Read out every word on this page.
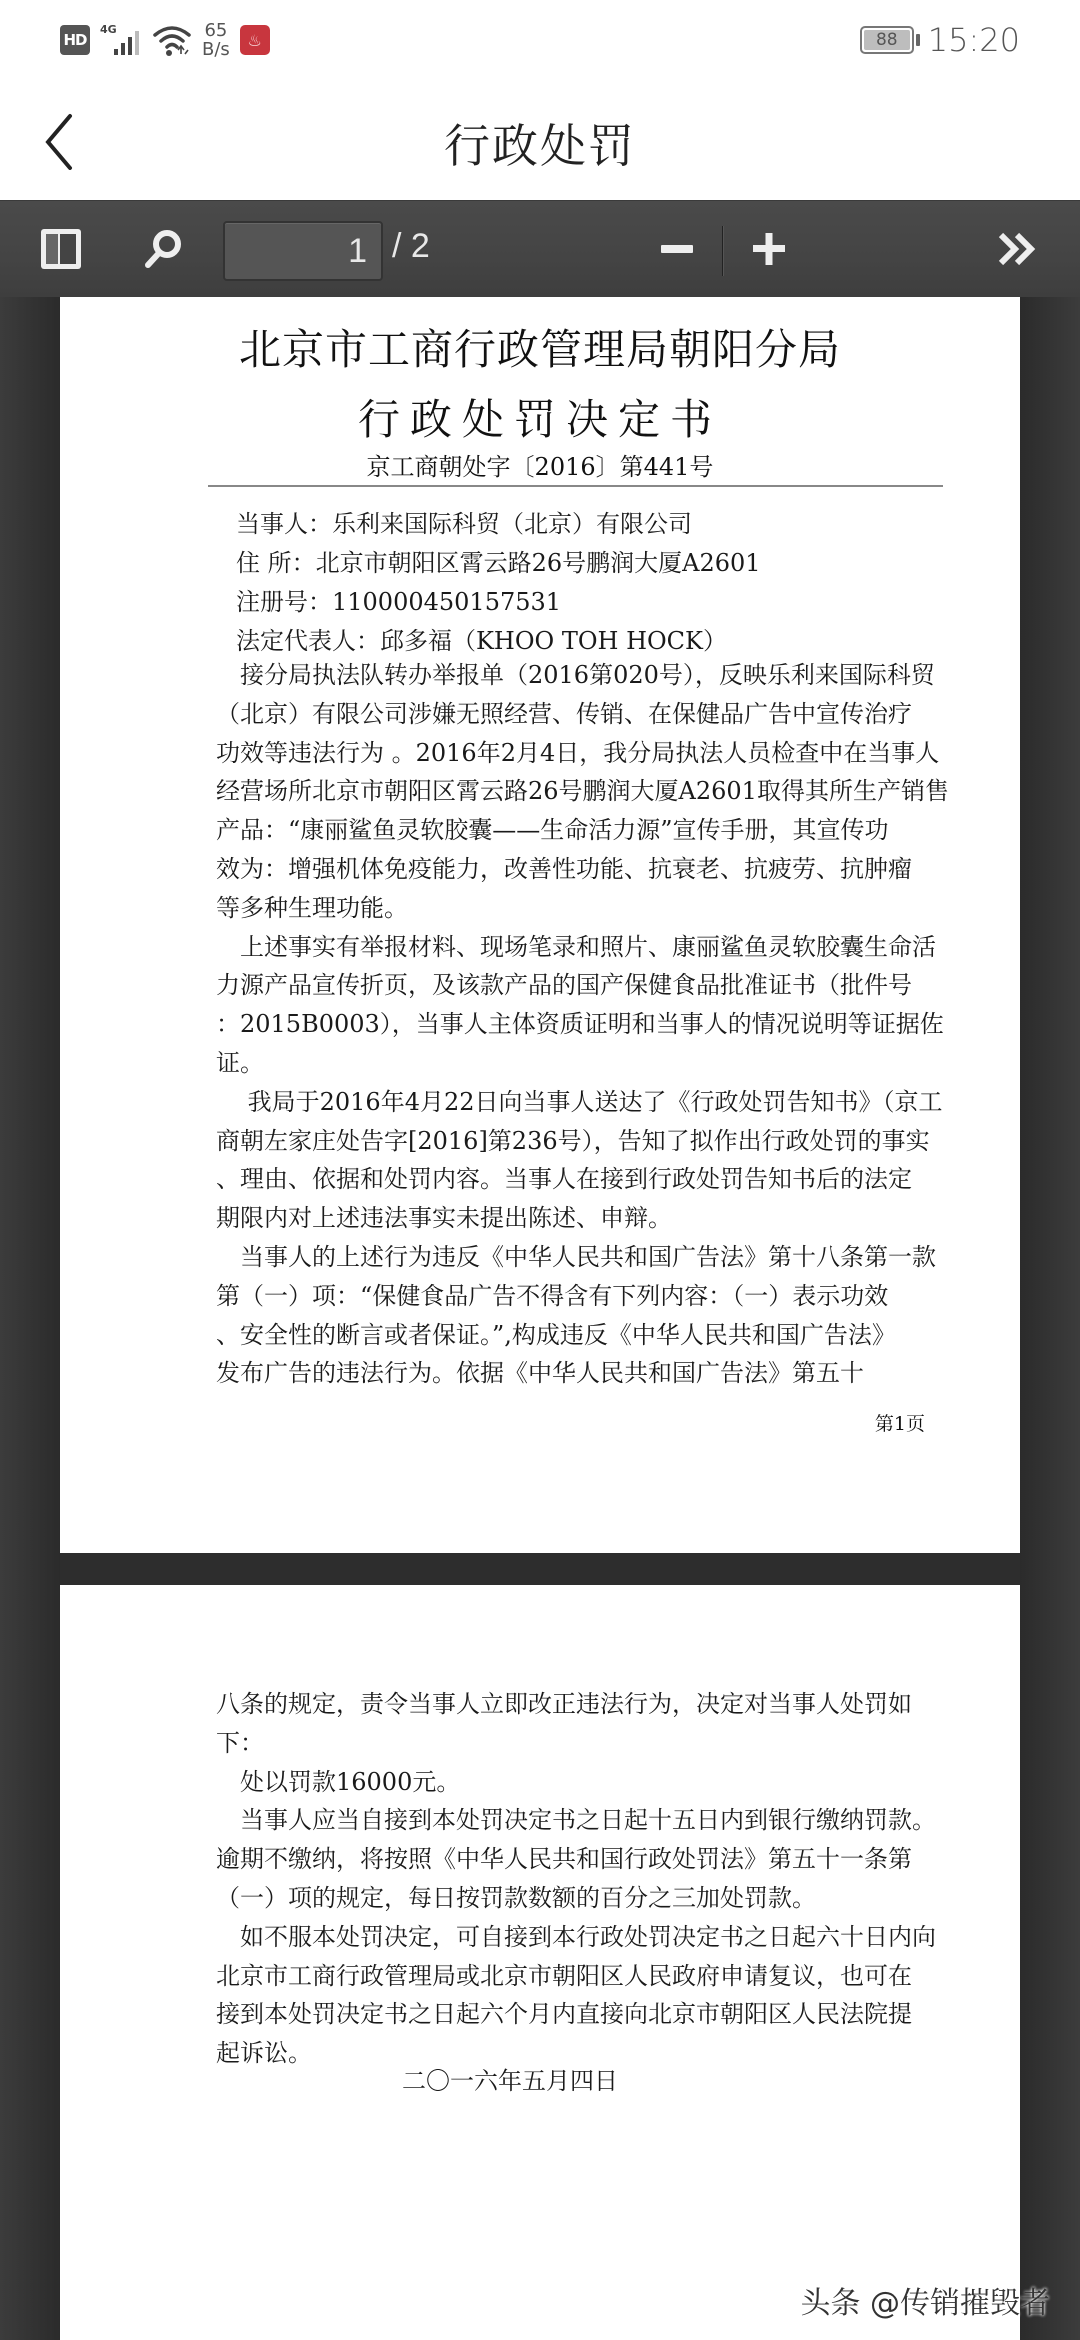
HD
4G	65
B/s	♨	88 15:20
行政处罚
1 / 2
北京市工商行政管理局朝阳分局
行政处罚决定书
京工商朝处字〔2016〕第441号
当事人：乐利来国际科贸（北京）有限公司
住 所：北京市朝阳区霄云路26号鹏润大厦A2601
注册号：110000450157531
法定代表人：邱多福（KHOO TOH HOCK）

　接分局执法队转办举报单（2016第020号），反映乐利来国际科贸

（北京）有限公司涉嫌无照经营、传销、在保健品广告中宣传治疗

功效等违法行为 。2016年2月4日，我分局执法人员检查中在当事人

经营场所北京市朝阳区霄云路26号鹏润大厦A2601取得其所生产销售

产品：“康丽鲨鱼灵软胶囊——生命活力源”宣传手册，其宣传功

效为：增强机体免疫能力，改善性功能、抗衰老、抗疲劳、抗肿瘤

等多种生理功能。

　上述事实有举报材料、现场笔录和照片、康丽鲨鱼灵软胶囊生命活

力源产品宣传折页，及该款产品的国产保健食品批准证书（批件号

：2015B0003），当事人主体资质证明和当事人的情况说明等证据佐

证。

　 我局于2016年4月22日向当事人送达了《行政处罚告知书》（京工

商朝左家庄处告字[2016]第236号），告知了拟作出行政处罚的事实

、理由、依据和处罚内容。当事人在接到行政处罚告知书后的法定

期限内对上述违法事实未提出陈述、申辩。

　当事人的上述行为违反《中华人民共和国广告法》第十八条第一款

第（一）项：“保健食品广告不得含有下列内容：（一）表示功效

、安全性的断言或者保证。”,构成违反《中华人民共和国广告法》

发布广告的违法行为。依据《中华人民共和国广告法》第五十

第1页

八条的规定，责令当事人立即改正违法行为，决定对当事人处罚如

下：

　处以罚款16000元。

　当事人应当自接到本处罚决定书之日起十五日内到银行缴纳罚款。

逾期不缴纳，将按照《中华人民共和国行政处罚法》第五十一条第

（一）项的规定，每日按罚款数额的百分之三加处罚款。

　如不服本处罚决定，可自接到本行政处罚决定书之日起六十日内向

北京市工商行政管理局或北京市朝阳区人民政府申请复议，也可在

接到本处罚决定书之日起六个月内直接向北京市朝阳区人民法院提

起诉讼。

二〇一六年五月四日
头条 @传销摧毁者
